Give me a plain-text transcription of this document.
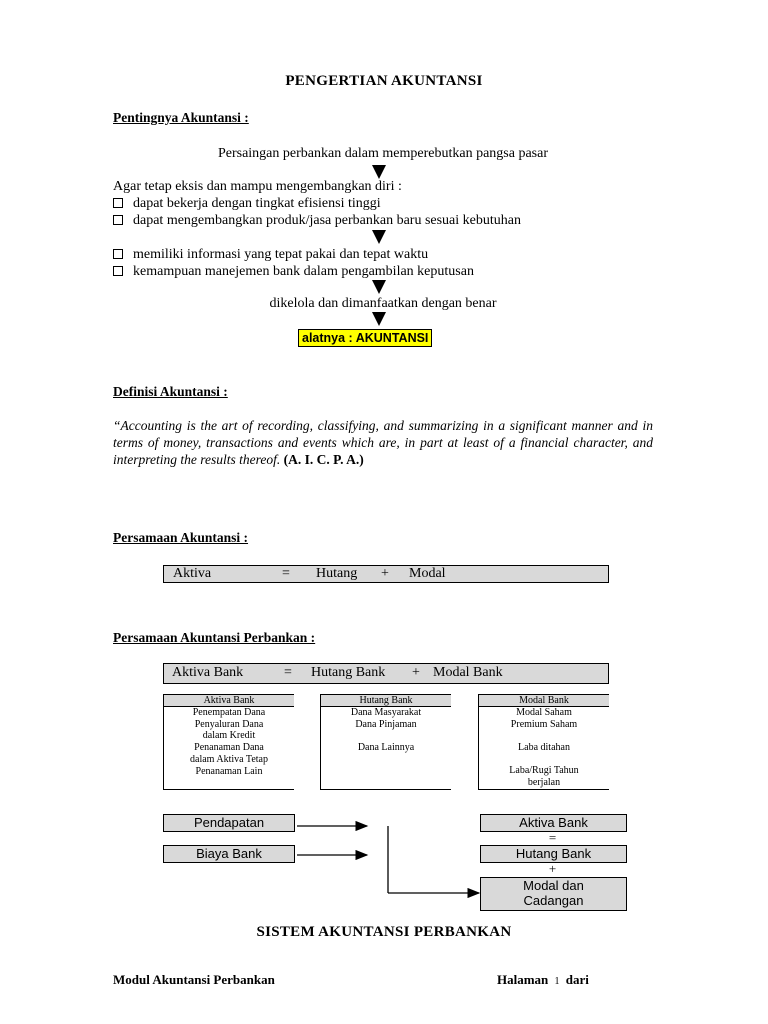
PENGERTIAN AKUNTANSI
Pentingnya Akuntansi :
Persaingan perbankan dalam memperebutkan pangsa pasar
Agar tetap eksis dan mampu mengembangkan diri :
dapat bekerja dengan tingkat efisiensi tinggi
dapat mengembangkan produk/jasa perbankan baru sesuai kebutuhan
memiliki informasi yang tepat pakai dan tepat waktu
kemampuan manejemen bank dalam pengambilan keputusan
dikelola dan dimanfaatkan dengan benar
alatnya : AKUNTANSI
Definisi Akuntansi :
“Accounting is the art of recording, classifying, and summarizing in a significant manner and in terms of money, transactions and events which are, in part at least of a financial character, and interpreting the results thereof. (A. I. C. P. A.)
Persamaan Akuntansi :
Aktiva	= Hutang + Modal
Persamaan Akuntansi Perbankan :
Aktiva Bank	= Hutang Bank + Modal Bank
Aktiva Bank
Penempatan Dana
Penyaluran Dana
dalam Kredit
Penanaman Dana
dalam Aktiva Tetap
Penanaman Lain
Hutang Bank
Dana Masyarakat
Dana Pinjaman
Dana Lainnya
Modal Bank
Modal Saham
Premium Saham
Laba ditahan
Laba/Rugi Tahun
berjalan
Pendapatan
Biaya Bank
Aktiva Bank
=
Hutang Bank
+
Modal dan
Cadangan
SISTEM AKUNTANSI PERBANKAN
Modul Akuntansi Perbankan	Halaman 1 dari
